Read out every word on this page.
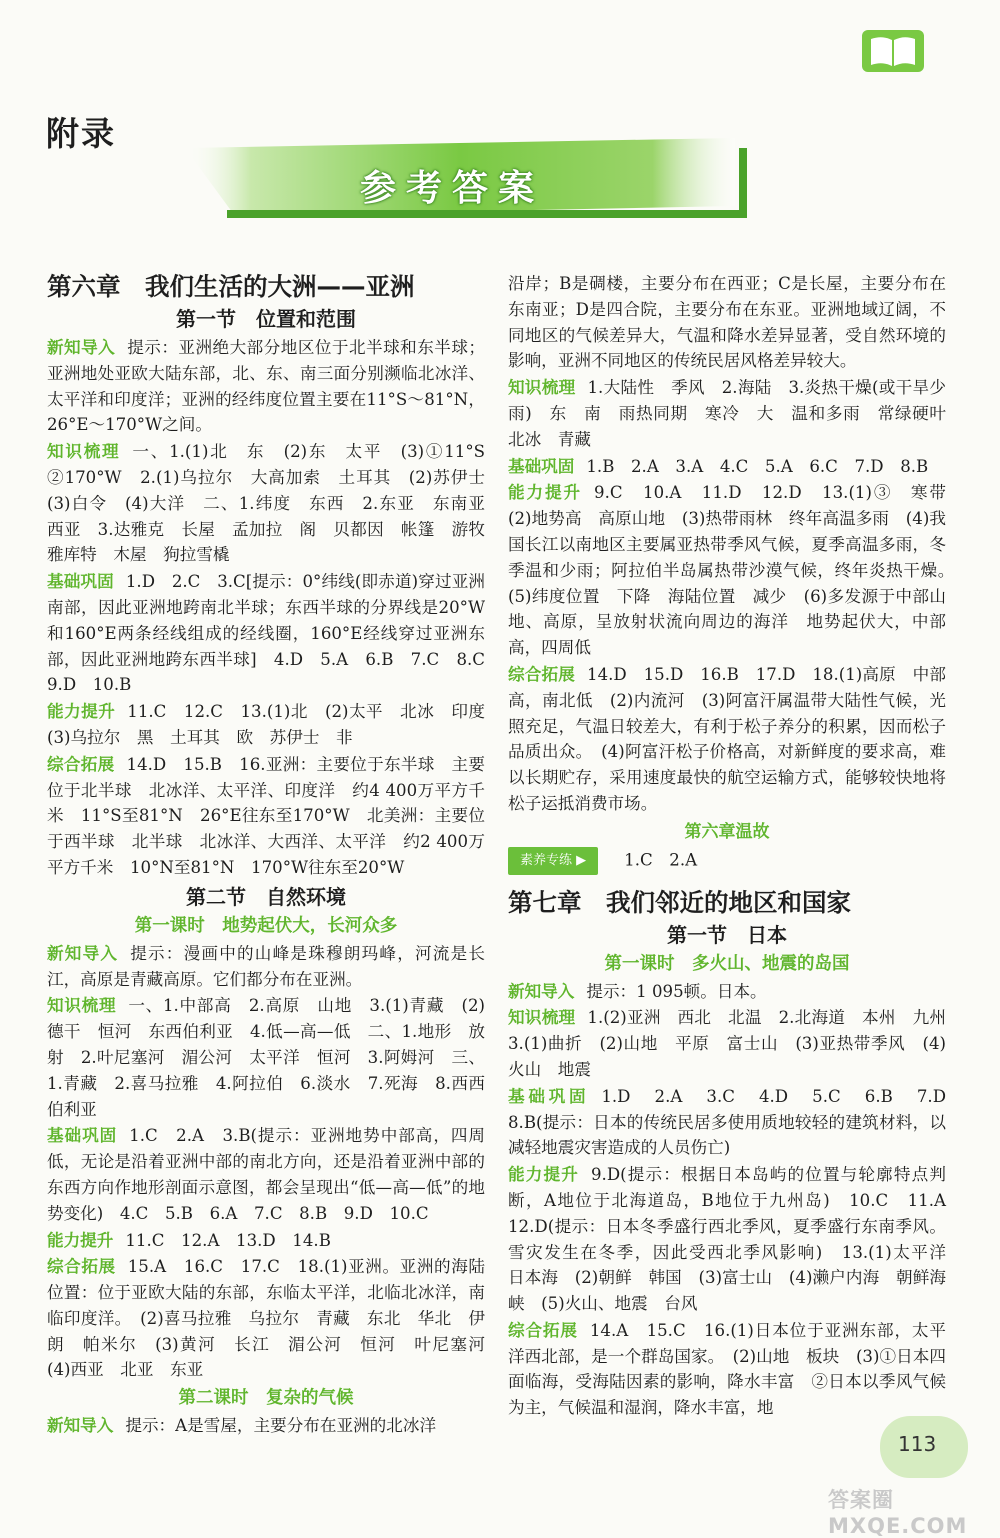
附录
参考答案
第六章　我们生活的大洲——亚洲
第一节　位置和范围
新知导入 提示：亚洲绝大部分地区位于北半球和东半球；亚洲地处亚欧大陆东部，北、东、南三面分别濒临北冰洋、太平洋和印度洋；亚洲的经纬度位置主要在11°S～81°N，26°E～170°W之间。
知识梳理 一、1.(1)北　东　(2)东　太平　(3)①11°S　②170°W　2.(1)乌拉尔　大高加索　土耳其　(2)苏伊士　(3)白令　(4)大洋　二、1.纬度　东西　2.东亚　东南亚　西亚　3.达雅克　长屋　孟加拉　阁　贝都因　帐篷　游牧　雅库特　木屋　狗拉雪橇
基础巩固 1.D　2.C　3.C[提示：0°纬线(即赤道)穿过亚洲南部，因此亚洲地跨南北半球；东西半球的分界线是20°W和160°E两条经线组成的经线圈，160°E经线穿过亚洲东部，因此亚洲地跨东西半球]　4.D　5.A　6.B　7.C　8.C　9.D　10.B
能力提升 11.C　12.C　13.(1)北　(2)太平　北冰　印度　(3)乌拉尔　黑　土耳其　欧　苏伊士　非
综合拓展 14.D　15.B　16.亚洲：主要位于东半球　主要位于北半球　北冰洋、太平洋、印度洋　约4 400万平方千米　11°S至81°N　26°E往东至170°W　北美洲：主要位于西半球　北半球　北冰洋、大西洋、太平洋　约2 400万平方千米　10°N至81°N　170°W往东至20°W
第二节　自然环境
第一课时　地势起伏大，长河众多
新知导入 提示：漫画中的山峰是珠穆朗玛峰，河流是长江，高原是青藏高原。它们都分布在亚洲。
知识梳理 一、1.中部高　2.高原　山地　3.(1)青藏　(2)德干　恒河　东西伯利亚　4.低—高—低　二、1.地形　放射　2.叶尼塞河　湄公河　太平洋　恒河　3.阿姆河　三、1.青藏　2.喜马拉雅　4.阿拉伯　6.淡水　7.死海　8.西西伯利亚
基础巩固 1.C　2.A　3.B(提示：亚洲地势中部高，四周低，无论是沿着亚洲中部的南北方向，还是沿着亚洲中部的东西方向作地形剖面示意图，都会呈现出“低—高—低”的地势变化)　4.C　5.B　6.A　7.C　8.B　9.D　10.C
能力提升 11.C　12.A　13.D　14.B
综合拓展 15.A　16.C　17.C　18.(1)亚洲。亚洲的海陆位置：位于亚欧大陆的东部，东临太平洋，北临北冰洋，南临印度洋。　(2)喜马拉雅　乌拉尔　青藏　东北　华北　伊朗　帕米尔　(3)黄河　长江　湄公河　恒河　叶尼塞河　(4)西亚　北亚　东亚
第二课时　复杂的气候
新知导入 提示：A是雪屋，主要分布在亚洲的北冰洋
沿岸；B是碉楼，主要分布在西亚；C是长屋，主要分布在东南亚；D是四合院，主要分布在东亚。亚洲地域辽阔，不同地区的气候差异大，气温和降水差异显著，受自然环境的影响，亚洲不同地区的传统民居风格差异较大。
知识梳理 1.大陆性　季风　2.海陆　3.炎热干燥(或干旱少雨)　东　南　雨热同期　寒冷　大　温和多雨　常绿硬叶　北冰　青藏
基础巩固 1.B　2.A　3.A　4.C　5.A　6.C　7.D　8.B
能力提升 9.C　10.A　11.D　12.D　13.(1)③　寒带　(2)地势高　高原山地　(3)热带雨林　终年高温多雨　(4)我国长江以南地区主要属亚热带季风气候，夏季高温多雨，冬季温和少雨；阿拉伯半岛属热带沙漠气候，终年炎热干燥。　(5)纬度位置　下降　海陆位置　减少　(6)多发源于中部山地、高原，呈放射状流向周边的海洋　地势起伏大，中部高，四周低
综合拓展 14.D　15.D　16.B　17.D　18.(1)高原　中部高，南北低　(2)内流河　(3)阿富汗属温带大陆性气候，光照充足，气温日较差大，有利于松子养分的积累，因而松子品质出众。　(4)阿富汗松子价格高，对新鲜度的要求高，难以长期贮存，采用速度最快的航空运输方式，能够较快地将松子运抵消费市场。
第六章温故
素养专练 ▶ 1.C　2.A
第七章　我们邻近的地区和国家
第一节　日本
第一课时　多火山、地震的岛国
新知导入 提示：1 095顿。日本。
知识梳理 1.(2)亚洲　西北　北温　2.北海道　本州　九州　3.(1)曲折　(2)山地　平原　富士山　(3)亚热带季风　(4)火山　地震
基础巩固 1.D　2.A　3.C　4.D　5.C　6.B　7.D　8.B(提示：日本的传统民居多使用质地较轻的建筑材料，以减轻地震灾害造成的人员伤亡)
能力提升 9.D(提示：根据日本岛屿的位置与轮廓特点判断，A地位于北海道岛，B地位于九州岛)　10.C　11.A　12.D(提示：日本冬季盛行西北季风，夏季盛行东南季风。雪灾发生在冬季，因此受西北季风影响)　13.(1)太平洋　日本海　(2)朝鲜　韩国　(3)富士山　(4)濑户内海　朝鲜海峡　(5)火山、地震　台风
综合拓展 14.A　15.C　16.(1)日本位于亚洲东部，太平洋西北部，是一个群岛国家。　(2)山地　板块　(3)①日本四面临海，受海陆因素的影响，降水丰富　②日本以季风气候为主，气候温和湿润，降水丰富，地
113
答案圈 MXQE.COM
